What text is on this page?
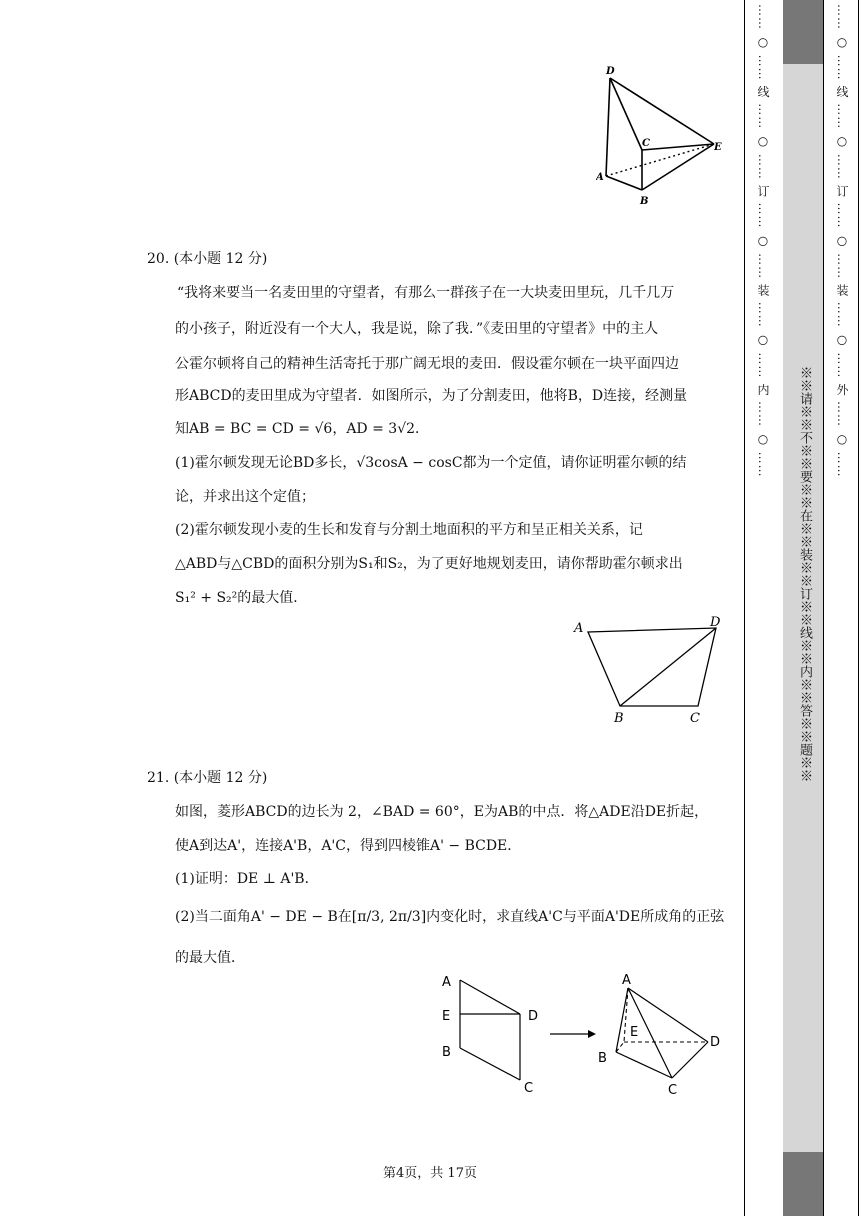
D
C	E
A
B
20. (本小题 12 分)
“我将来要当一名麦田里的守望者，有那么一群孩子在一大块麦田里玩，几千几万
的小孩子，附近没有一个大人，我是说，除了我．”《麦田里的守望者》中的主人
公霍尔顿将自己的精神生活寄托于那广阔无垠的麦田．假设霍尔顿在一块平面四边
形ABCD的麦田里成为守望者．如图所示，为了分割麦田，他将B，D连接，经测量
知AB = BC = CD = √6，AD = 3√2．
(1)霍尔顿发现无论BD多长，√3cosA − cosC都为一个定值，请你证明霍尔顿的结
论，并求出这个定值；
(2)霍尔顿发现小麦的生长和发育与分割土地面积的平方和呈正相关关系，记
△ABD与△CBD的面积分别为S₁和S₂，为了更好地规划麦田，请你帮助霍尔顿求出
S₁² + S₂²的最大值．
A	D
B	C
21. (本小题 12 分)
如图，菱形ABCD的边长为 2，∠BAD = 60°，E为AB的中点．将△ADE沿DE折起，
使A到达A'，连接A'B，A'C，得到四棱锥A' − BCDE．
(1)证明：DE ⊥ A'B．
(2)当二面角A' − DE − B在[π/3, 2π/3]内变化时，求直线A'C与平面A'DE所成角的正弦
的最大值．
A
E	D
B
C
A
E
B
D
C
第4页，共 17页
…… ○ …… 线 …… ○ …… 订 …… ○ …… 装 …… ○ …… 内 …… ○ ……
※※请※※不※※要※※在※※装※※订※※线※※内※※答※※题※※
…… ○ …… 线 …… ○ …… 订 …… ○ …… 装 …… ○ …… 外 …… ○ ……
